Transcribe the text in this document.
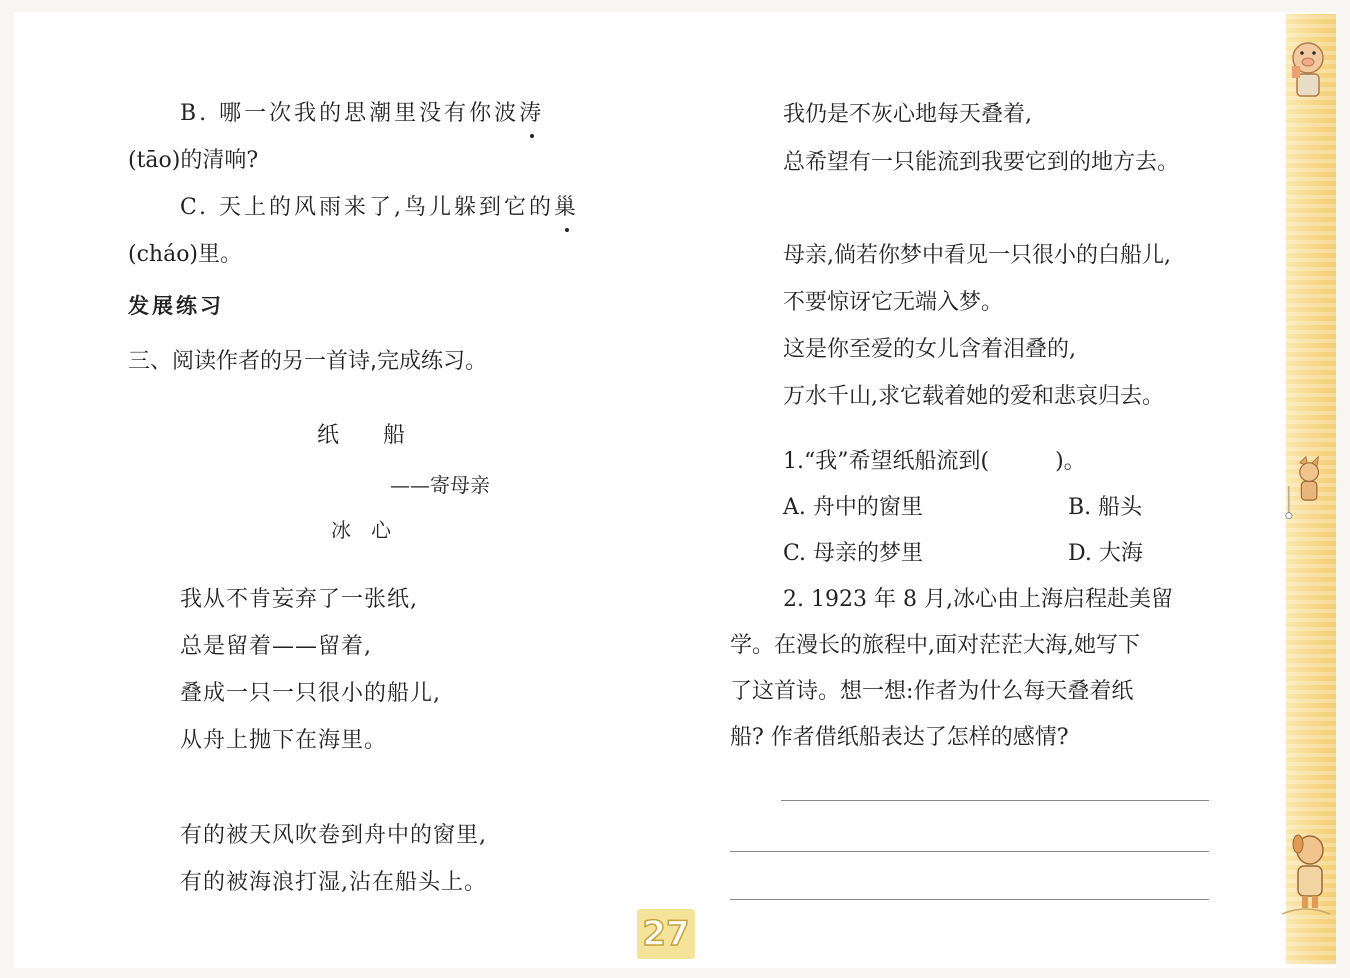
B. 哪一次我的思潮里没有你波涛
(tāo)的清响?
C. 天上的风雨来了,鸟儿躲到它的巢
(cháo)里。
发展练习
三、阅读作者的另一首诗,完成练习。
纸　　船
——寄母亲
冰　心
我从不肯妄弃了一张纸,
总是留着——留着,
叠成一只一只很小的船儿,
从舟上抛下在海里。
有的被天风吹卷到舟中的窗里,
有的被海浪打湿,沾在船头上。
我仍是不灰心地每天叠着,
总希望有一只能流到我要它到的地方去。
母亲,倘若你梦中看见一只很小的白船儿,
不要惊讶它无端入梦。
这是你至爱的女儿含着泪叠的,
万水千山,求它载着她的爱和悲哀归去。
1.“我”希望纸船流到(　　　)。
A. 舟中的窗里	B. 船头
C. 母亲的梦里	D. 大海
2. 1923 年 8 月,冰心由上海启程赴美留
学。在漫长的旅程中,面对茫茫大海,她写下
了这首诗。想一想:作者为什么每天叠着纸
船? 作者借纸船表达了怎样的感情?
27
